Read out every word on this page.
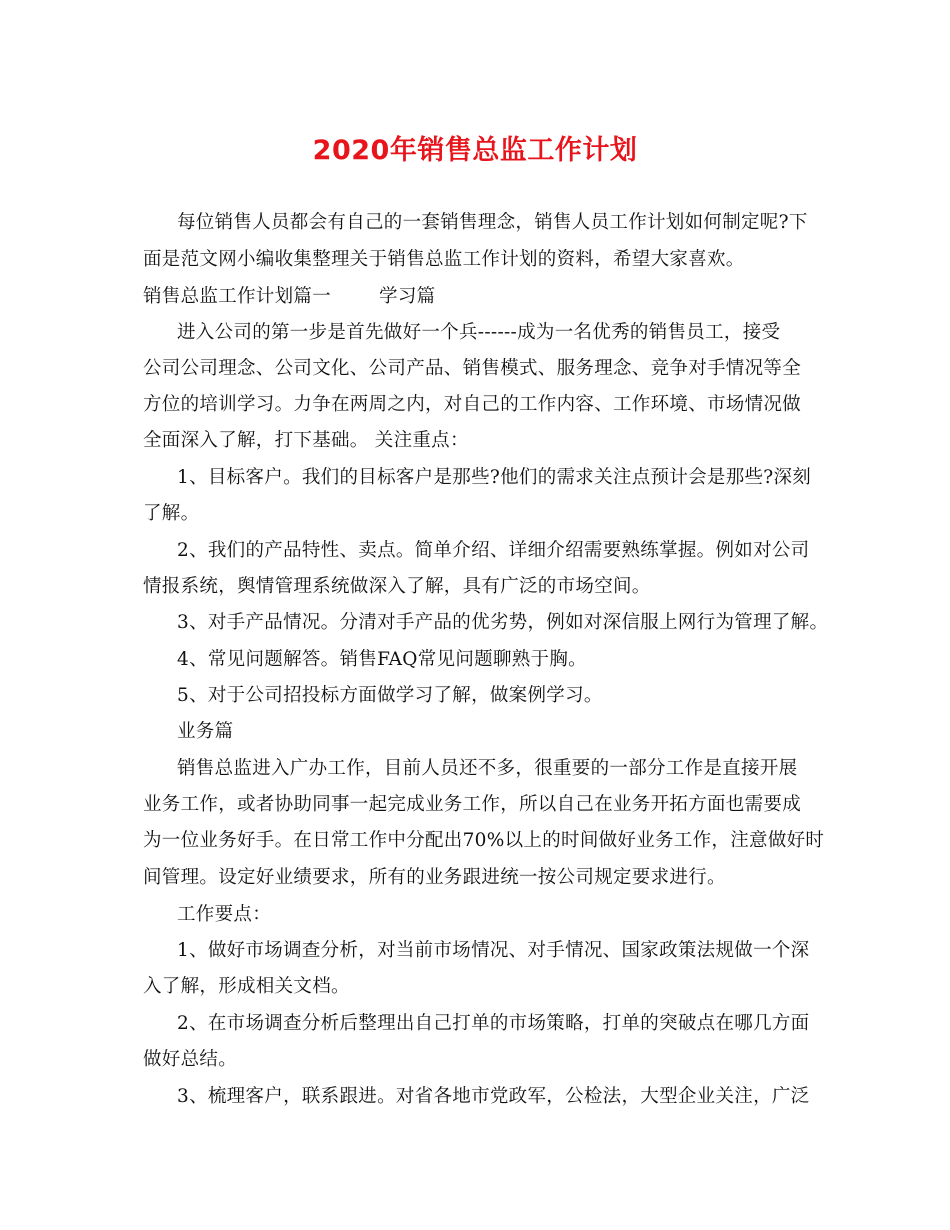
2020年销售总监工作计划
每位销售人员都会有自己的一套销售理念，销售人员工作计划如何制定呢?下
面是范文网小编收集整理关于销售总监工作计划的资料，希望大家喜欢。
销售总监工作计划篇一	学习篇
进入公司的第一步是首先做好一个兵------成为一名优秀的销售员工，接受
公司公司理念、公司文化、公司产品、销售模式、服务理念、竞争对手情况等全
方位的培训学习。力争在两周之内，对自己的工作内容、工作环境、市场情况做
全面深入了解，打下基础。 关注重点：
1、目标客户。我们的目标客户是那些?他们的需求关注点预计会是那些?深刻
了解。
2、我们的产品特性、卖点。简单介绍、详细介绍需要熟练掌握。例如对公司
情报系统，舆情管理系统做深入了解，具有广泛的市场空间。
3、对手产品情况。分清对手产品的优劣势，例如对深信服上网行为管理了解。
4、常见问题解答。销售FAQ常见问题聊熟于胸。
5、对于公司招投标方面做学习了解，做案例学习。
业务篇
销售总监进入广办工作，目前人员还不多，很重要的一部分工作是直接开展
业务工作，或者协助同事一起完成业务工作，所以自己在业务开拓方面也需要成
为一位业务好手。在日常工作中分配出70%以上的时间做好业务工作，注意做好时
间管理。设定好业绩要求，所有的业务跟进统一按公司规定要求进行。
工作要点：
1、做好市场调查分析，对当前市场情况、对手情况、国家政策法规做一个深
入了解，形成相关文档。
2、在市场调查分析后整理出自己打单的市场策略，打单的突破点在哪几方面
做好总结。
3、梳理客户，联系跟进。对省各地市党政军，公检法，大型企业关注，广泛
